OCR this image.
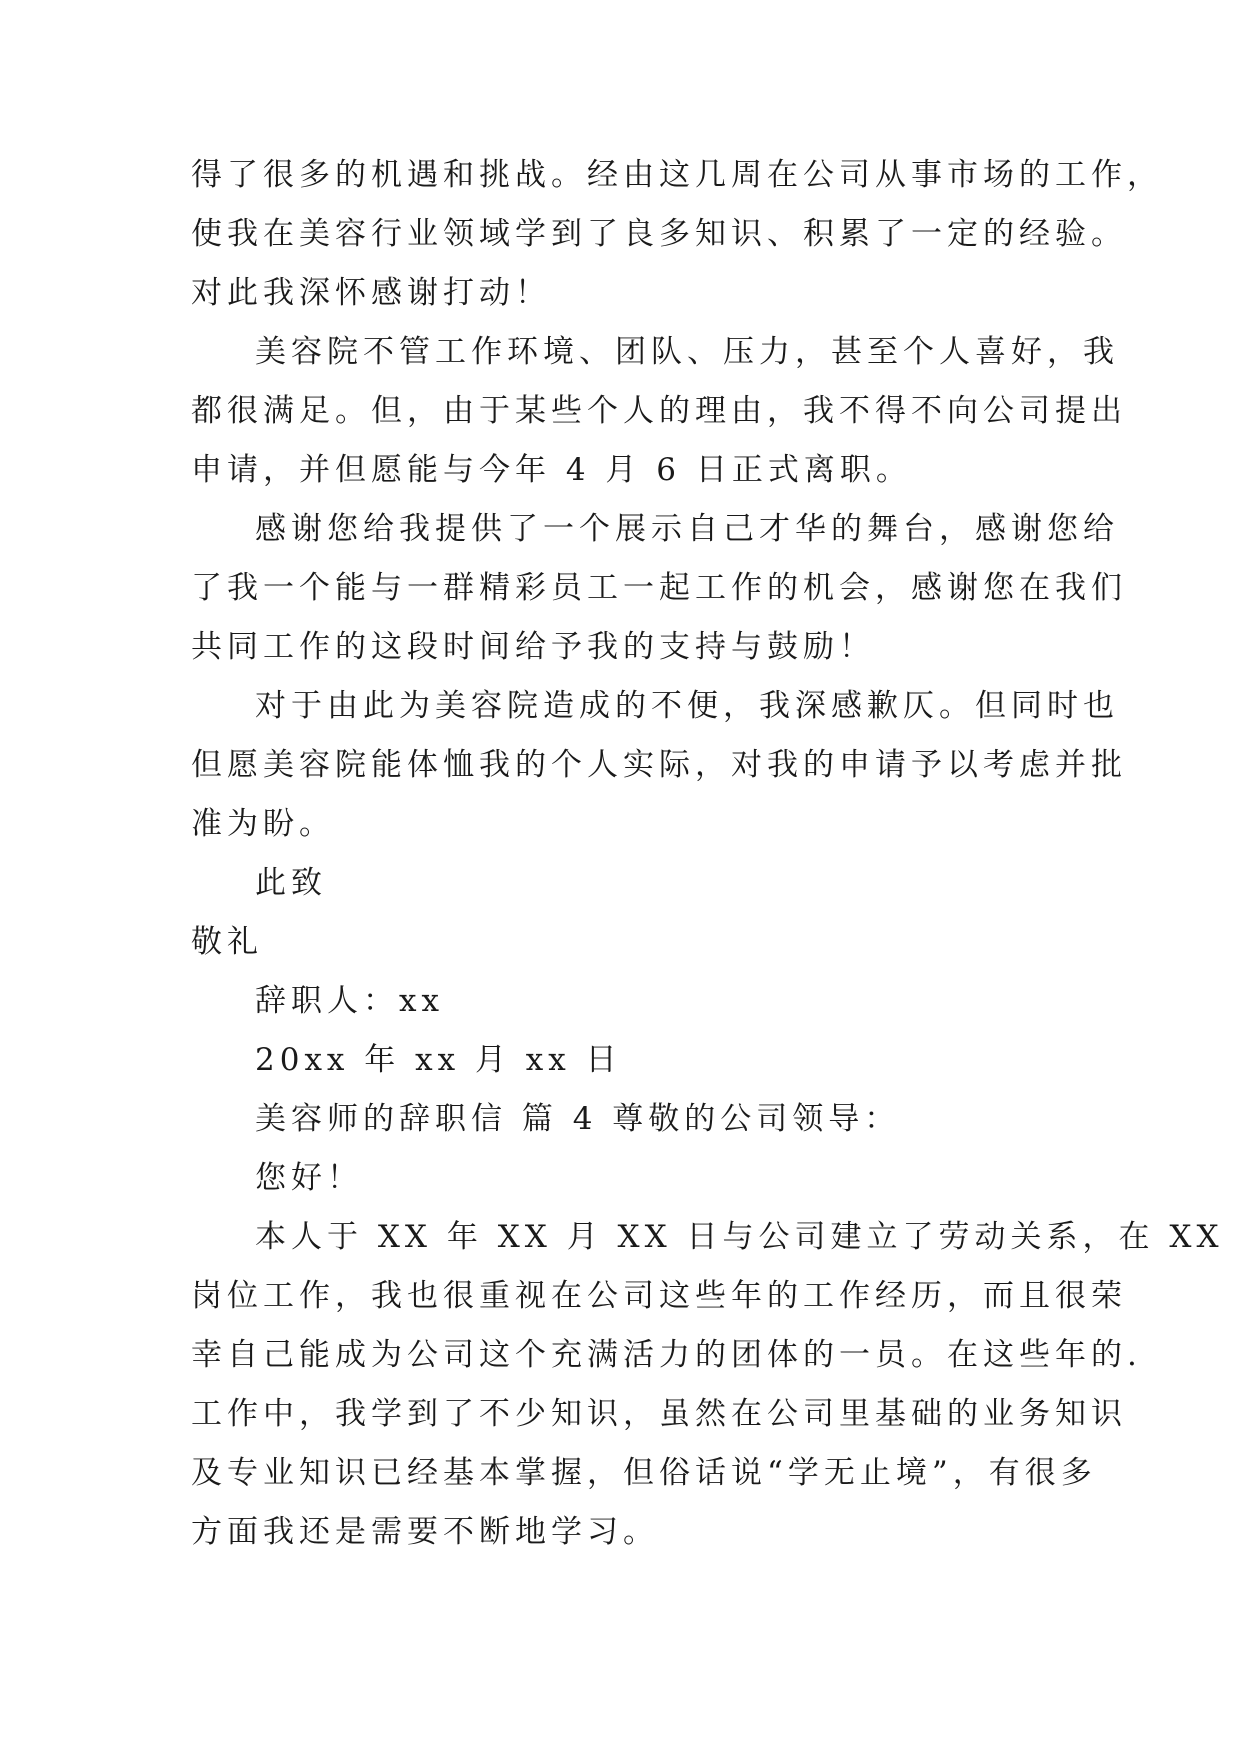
得了很多的机遇和挑战。经由这几周在公司从事市场的工作，
使我在美容行业领域学到了良多知识、积累了一定的经验。
对此我深怀感谢打动！
美容院不管工作环境、团队、压力，甚至个人喜好，我
都很满足。但，由于某些个人的理由，我不得不向公司提出
申请，并但愿能与今年 4 月 6 日正式离职。
感谢您给我提供了一个展示自己才华的舞台，感谢您给
了我一个能与一群精彩员工一起工作的机会，感谢您在我们
共同工作的这段时间给予我的支持与鼓励！
对于由此为美容院造成的不便，我深感歉仄。但同时也
但愿美容院能体恤我的个人实际，对我的申请予以考虑并批
准为盼。
此致
敬礼
辞职人：xx
20xx 年 xx 月 xx 日
美容师的辞职信 篇 4 尊敬的公司领导：
您好！
本人于 XX 年 XX 月 XX 日与公司建立了劳动关系，在 XX
岗位工作，我也很重视在公司这些年的工作经历，而且很荣
幸自己能成为公司这个充满活力的团体的一员。在这些年的.
工作中，我学到了不少知识，虽然在公司里基础的业务知识
及专业知识已经基本掌握，但俗话说“学无止境”，有很多
方面我还是需要不断地学习。
